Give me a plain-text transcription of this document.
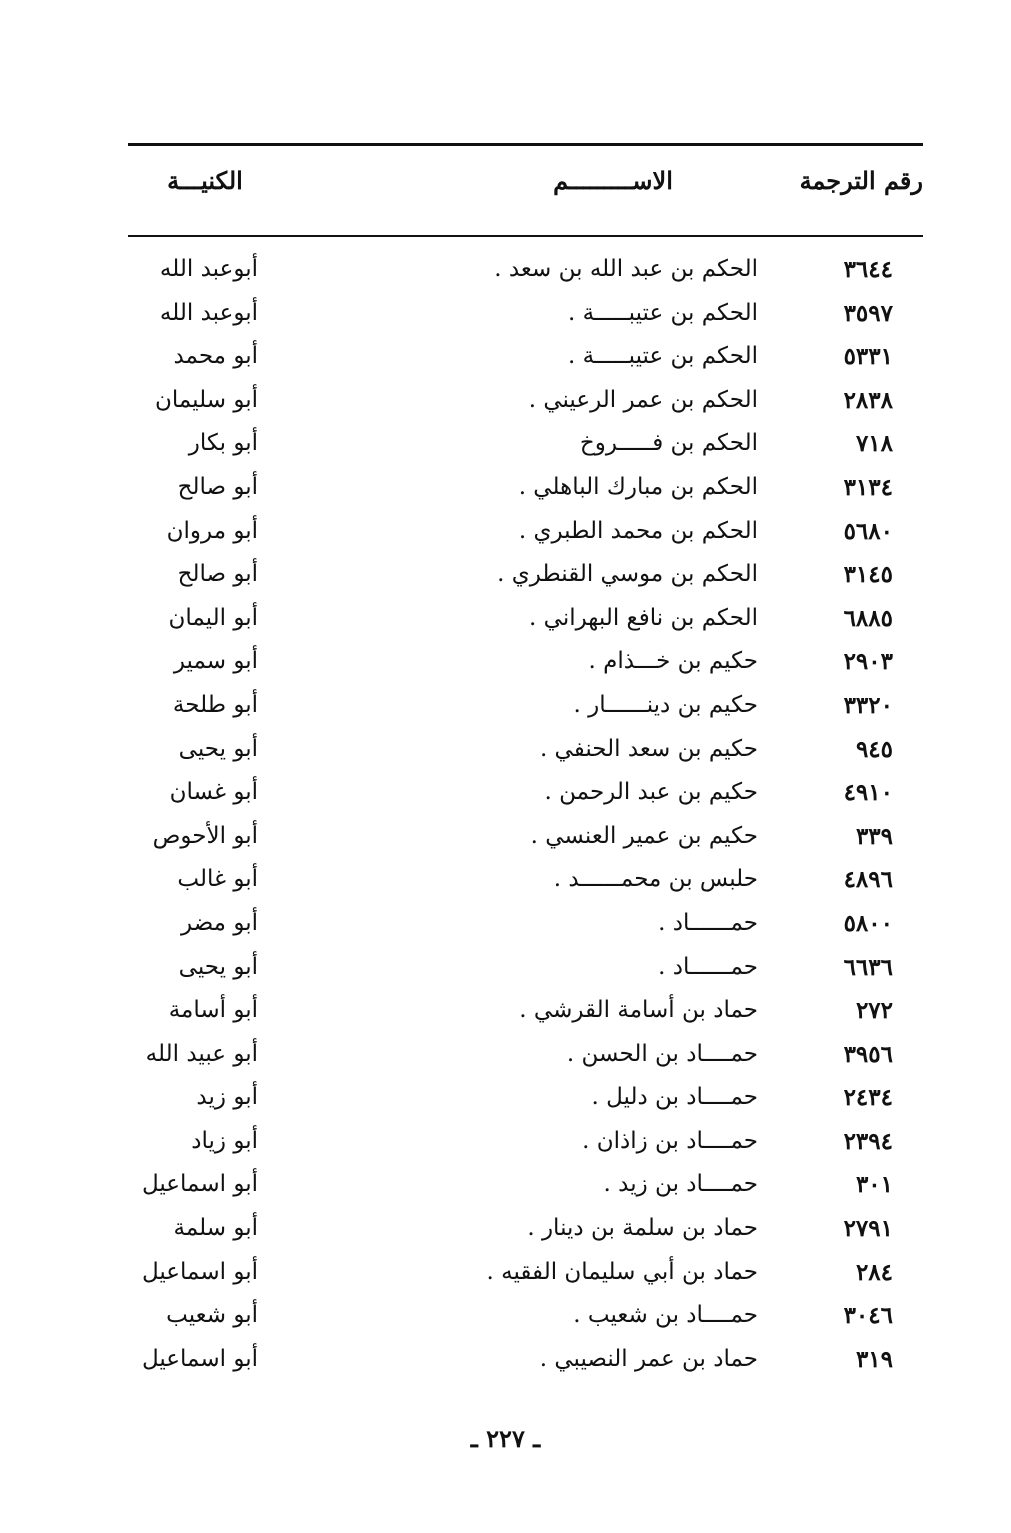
رقم الترجمة
الاســـــــــم
الكنيـــة
٣٦٤٤
الحكم بن عبد الله بن سعد .
أبوعبد الله
٣٥٩٧
الحكم بن عتيبـــــة .
أبوعبد الله
٥٣٣١
الحكم بن عتيبـــــة .
أبو محمد
٢٨٣٨
الحكم بن عمر الرعيني .
أبو سليمان
٧١٨
الحكم بن فـــــروخ
أبو بكار
٣١٣٤
الحكم بن مبارك الباهلي .
أبو صالح
٥٦٨٠
الحكم بن محمد الطبري .
أبو مروان
٣١٤٥
الحكم بن موسي القنطري .
أبو صالح
٦٨٨٥
الحكم بن نافع البهراني .
أبو اليمان
٢٩٠٣
حكيم بن خـــذام .
أبو سمير
٣٣٢٠
حكيم بن دينــــــار .
أبو طلحة
٩٤٥
حكيم بن سعد الحنفي .
أبو يحيى
٤٩١٠
حكيم بن عبد الرحمن .
أبو غسان
٣٣٩
حكيم بن عمير العنسي .
أبو الأحوص
٤٨٩٦
حلبس بن محمــــــد .
أبو غالب
٥٨٠٠
حمــــــاد .
أبو مضر
٦٦٣٦
حمــــــاد .
أبو يحيى
٢٧٢
حماد بن أسامة القرشي .
أبو أسامة
٣٩٥٦
حمــــاد بن الحسن .
أبو عبيد الله
٢٤٣٤
حمــــاد بن دليل .
أبو زيد
٢٣٩٤
حمــــاد بن زاذان .
أبو زياد
٣٠١
حمــــاد بن زيد .
أبو اسماعيل
٢٧٩١
حماد بن سلمة بن دينار .
أبو سلمة
٢٨٤
حماد بن أبي سليمان الفقيه .
أبو اسماعيل
٣٠٤٦
حمــــاد بن شعيب .
أبو شعيب
٣١٩
حماد بن عمر النصيبي .
أبو اسماعيل
ـ ٢٢٧ ـ
